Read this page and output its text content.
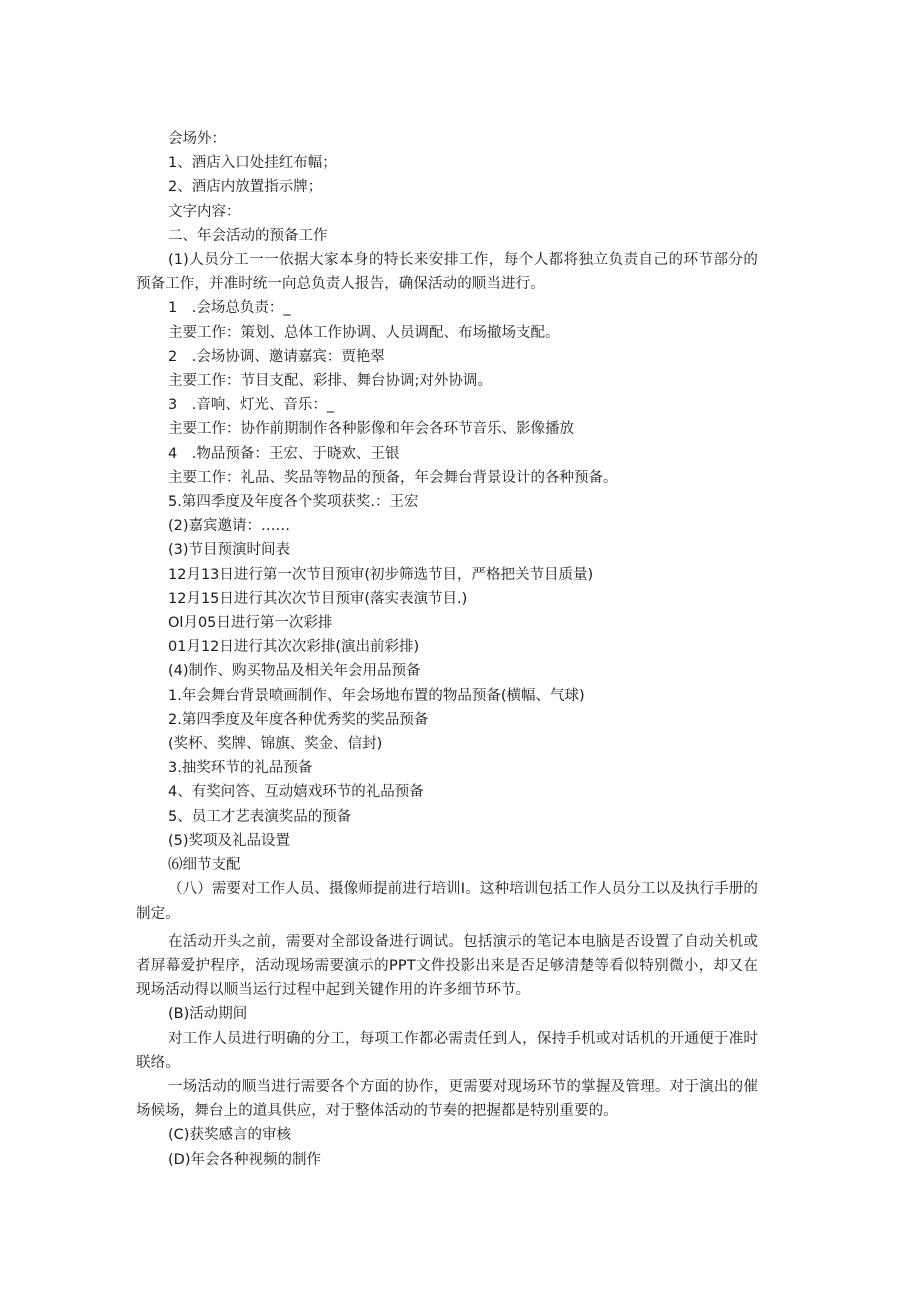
会场外：

1、酒店入口处挂红布幅；

2、酒店内放置指示牌；

文字内容：

二、年会活动的预备工作

(1)人员分工一一依据大家本身的特长来安排工作，每个人都将独立负责自己的环节部分的预备工作，并准时统一向总负责人报告，确保活动的顺当进行。

1　.会场总负责：_

主要工作：策划、总体工作协调、人员调配、布场撤场支配。

2　.会场协调、邀请嘉宾：贾艳翠

主要工作：节目支配、彩排、舞台协调;对外协调。

3　.音响、灯光、音乐：_

主要工作：协作前期制作各种影像和年会各环节音乐、影像播放

4　.物品预备：王宏、于晓欢、王银

主要工作：礼品、奖品等物品的预备，年会舞台背景设计的各种预备。

5.第四季度及年度各个奖项获奖.：王宏

(2)嘉宾邀请：……

(3)节目预演时间表

12月13日进行第一次节目预审(初步筛选节目，严格把关节目质量)

12月15日进行其次次节目预审(落实表演节目.)

Ol月05日进行第一次彩排

01月12日进行其次次彩排(演出前彩排)

(4)制作、购买物品及相关年会用品预备

1.年会舞台背景喷画制作、年会场地布置的物品预备(横幅、气球)

2.第四季度及年度各种优秀奖的奖品预备

(奖杯、奖牌、锦旗、奖金、信封)

3.抽奖环节的礼品预备

4、有奖问答、互动嬉戏环节的礼品预备

5、员工才艺表演奖品的预备

(5)奖项及礼品设置

⑹细节支配

（八）需要对工作人员、摄像师提前进行培训I。这种培训包括工作人员分工以及执行手册的制定。

在活动开头之前，需要对全部设备进行调试。包括演示的笔记本电脑是否设置了自动关机或者屏幕爱护程序，活动现场需要演示的PPT文件投影出来是否足够清楚等看似特别微小，却又在现场活动得以顺当运行过程中起到关键作用的许多细节环节。

(B)活动期间

对工作人员进行明确的分工，每项工作都必需责任到人，保持手机或对话机的开通便于准时联络。

一场活动的顺当进行需要各个方面的协作，更需要对现场环节的掌握及管理。对于演出的催场候场，舞台上的道具供应，对于整体活动的节奏的把握都是特别重要的。

(C)获奖感言的审核

(D)年会各种视频的制作
